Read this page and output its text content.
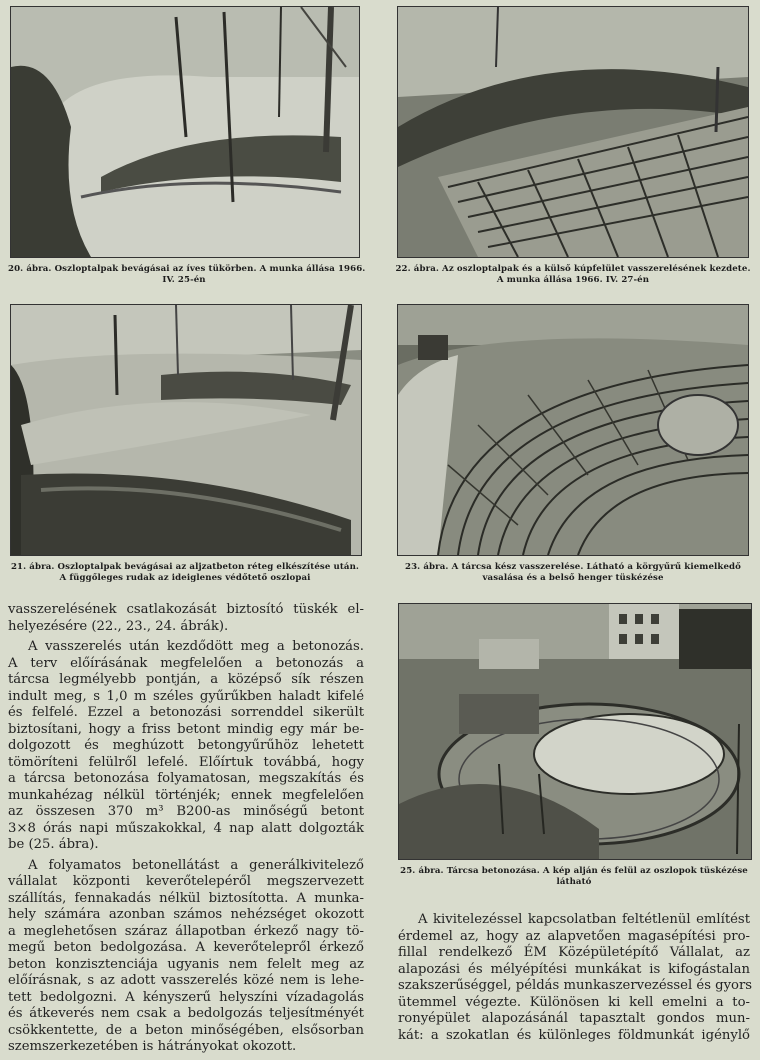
20. ábra. Oszloptalpak bevágásai az íves tükörben. A munka állása 1966.
IV. 25-én
22. ábra. Az oszloptalpak és a külső kúpfelület vasszerelésének kezdete.
A munka állása 1966. IV. 27-én
21. ábra. Oszloptalpak bevágásai az aljzatbeton réteg elkészítése után.
A függőleges rudak az ideiglenes védőtető oszlopai
23. ábra. A tárcsa kész vasszerelése. Látható a körgyűrű kiemelkedő
vasalása és a belső henger tüskézése
25. ábra. Tárcsa betonozása. A kép alján és felül az oszlopok tüskézése
látható
vasszerelésének csatlakozását biztosító tüskék el-
helyezésére (22., 23., 24. ábrák).
A vasszerelés után kezdődött meg a betonozás.
A terv előírásának megfelelően a betonozás a
tárcsa legmélyebb pontján, a középső sík részen
indult meg, s 1,0 m széles gyűrűkben haladt kifelé
és felfelé. Ezzel a betonozási sorrenddel sikerült
biztosítani, hogy a friss betont mindig egy már be-
dolgozott és meghúzott betongyűrűhöz lehetett
tömöríteni felülről lefelé. Előírtuk továbbá, hogy
a tárcsa betonozása folyamatosan, megszakítás és
munkahézag nélkül történjék; ennek megfelelően
az összesen 370 m³ B200-as minőségű betont
3×8 órás napi műszakokkal, 4 nap alatt dolgozták
be (25. ábra).
A folyamatos betonellátást a generálkivitelező
vállalat központi keverőtelepéről megszervezett
szállítás, fennakadás nélkül biztosította. A munka-
hely számára azonban számos nehézséget okozott
a meglehetősen száraz állapotban érkező nagy tö-
megű beton bedolgozása. A keverőtelepről érkező
beton konzisztenciája ugyanis nem felelt meg az
előírásnak, s az adott vasszerelés közé nem is lehe-
tett bedolgozni. A kényszerű helyszíni vízadagolás
és átkeverés nem csak a bedolgozás teljesítményét
csökkentette, de a beton minőségében, elsősorban
szemszerkezetében is hátrányokat okozott.
A kivitelezéssel kapcsolatban feltétlenül említést
érdemel az, hogy az alapvetően magasépítési pro-
fillal rendelkező ÉM Középületépítő Vállalat, az
alapozási és mélyépítési munkákat is kifogástalan
szakszerűséggel, példás munkaszervezéssel és gyors
ütemmel végezte. Különösen ki kell emelni a to-
ronyépület alapozásánál tapasztalt gondos mun-
kát: a szokatlan és különleges földmunkát igénylő
